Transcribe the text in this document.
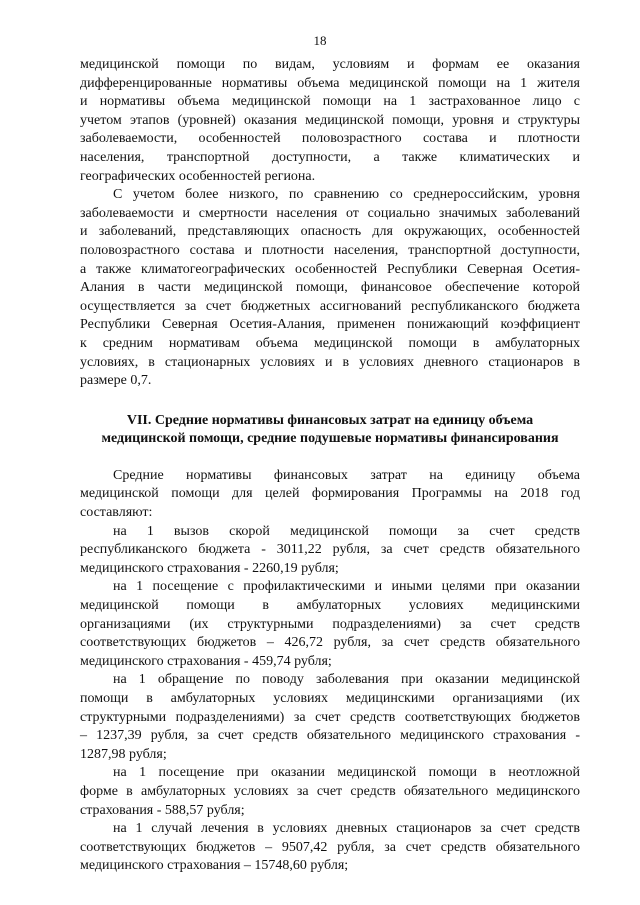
18
медицинской помощи по видам, условиям и формам ее оказания
дифференцированные нормативы объема медицинской помощи на 1 жителя
и нормативы объема медицинской помощи на 1 застрахованное лицо с
учетом этапов (уровней) оказания медицинской помощи, уровня и структуры
заболеваемости, особенностей половозрастного состава и плотности
населения, транспортной доступности, а также климатических и
географических особенностей региона.
С учетом более низкого, по сравнению со среднероссийским, уровня
заболеваемости и смертности населения от социально значимых заболеваний
и заболеваний, представляющих опасность для окружающих, особенностей
половозрастного состава и плотности населения, транспортной доступности,
а также климатогеографических особенностей Республики Северная Осетия-
Алания в части медицинской помощи, финансовое обеспечение которой
осуществляется за счет бюджетных ассигнований республиканского бюджета
Республики Северная Осетия-Алания, применен понижающий коэффициент
к средним нормативам объема медицинской помощи в амбулаторных
условиях, в стационарных условиях и в условиях дневного стационаров в
размере 0,7.
VII. Средние нормативы финансовых затрат на единицу объема
медицинской помощи, средние подушевые нормативы финансирования
Средние нормативы финансовых затрат на единицу объема
медицинской помощи для целей формирования Программы на 2018 год
составляют:
на 1 вызов скорой медицинской помощи за счет средств
республиканского бюджета - 3011,22 рубля, за счет средств обязательного
медицинского страхования - 2260,19 рубля;
на 1 посещение с профилактическими и иными целями при оказании
медицинской помощи в амбулаторных условиях медицинскими
организациями (их структурными подразделениями) за счет средств
соответствующих бюджетов – 426,72 рубля, за счет средств обязательного
медицинского страхования - 459,74 рубля;
на 1 обращение по поводу заболевания при оказании медицинской
помощи в амбулаторных условиях медицинскими организациями (их
структурными подразделениями) за счет средств соответствующих бюджетов
– 1237,39 рубля, за счет средств обязательного медицинского страхования -
1287,98 рубля;
на 1 посещение при оказании медицинской помощи в неотложной
форме в амбулаторных условиях за счет средств обязательного медицинского
страхования - 588,57 рубля;
на 1 случай лечения в условиях дневных стационаров за счет средств
соответствующих бюджетов – 9507,42 рубля, за счет средств обязательного
медицинского страхования – 15748,60 рубля;
